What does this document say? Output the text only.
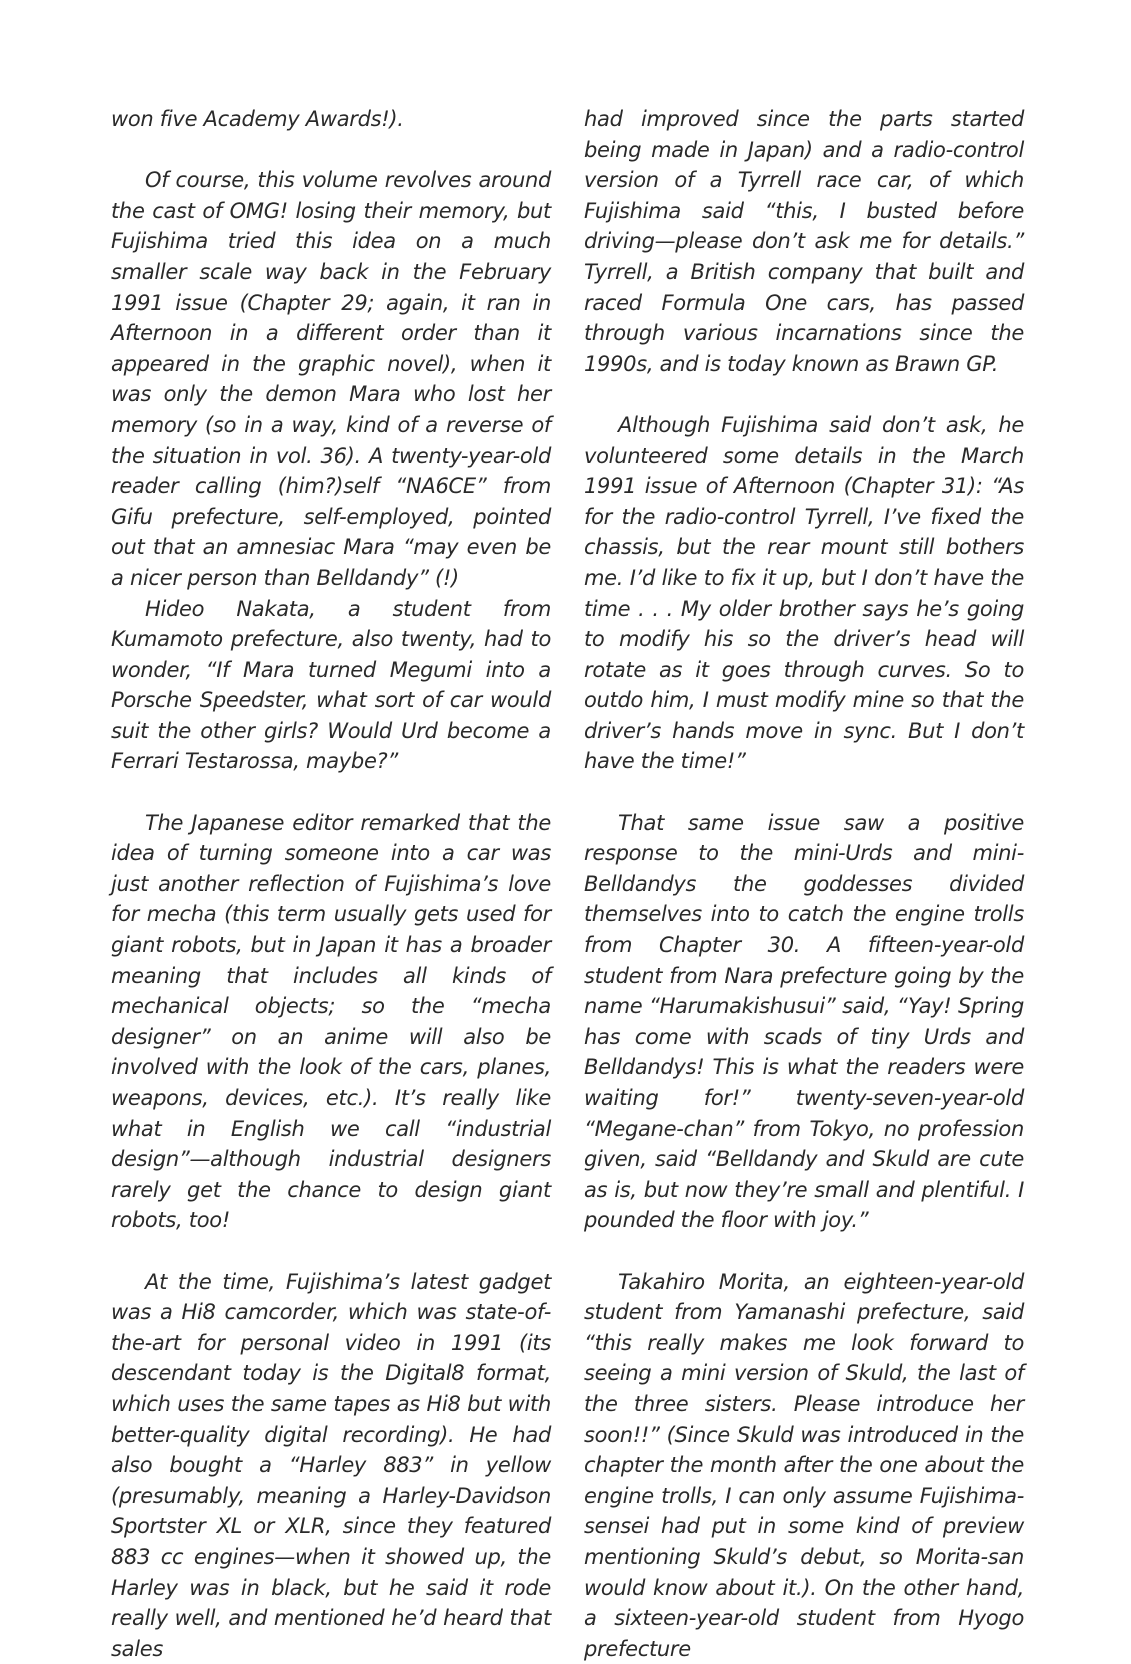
won five Academy Awards!).

Of course, this volume revolves around the cast of OMG! losing their memory, but Fujishima tried this idea on a much smaller scale way back in the February 1991 issue (Chapter 29; again, it ran in Afternoon in a different order than it appeared in the graphic novel), when it was only the demon Mara who lost her memory (so in a way, kind of a reverse of the situation in vol. 36). A twenty-year-old reader calling (him?)self “NA6CE” from Gifu prefecture, self-employed, pointed out that an amnesiac Mara “may even be a nicer person than Belldandy” (!)

Hideo Nakata, a student from Kumamoto prefecture, also twenty, had to wonder, “If Mara turned Megumi into a Porsche Speedster, what sort of car would suit the other girls? Would Urd become a Ferrari Testarossa, maybe?”

The Japanese editor remarked that the idea of turning someone into a car was just another reflection of Fujishima’s love for mecha (this term usually gets used for giant robots, but in Japan it has a broader meaning that includes all kinds of mechanical objects; so the “mecha designer” on an anime will also be involved with the look of the cars, planes, weapons, devices, etc.). It’s really like what in English we call “industrial design”—although industrial designers rarely get the chance to design giant robots, too!

At the time, Fujishima’s latest gadget was a Hi8 camcorder, which was state-of-the-art for personal video in 1991 (its descendant today is the Digital8 format, which uses the same tapes as Hi8 but with better-quality digital recording). He had also bought a “Harley 883” in yellow (presumably, meaning a Harley-Davidson Sportster XL or XLR, since they featured 883 cc engines—when it showed up, the Harley was in black, but he said it rode really well, and mentioned he’d heard that sales

had improved since the parts started being made in Japan) and a radio-control version of a Tyrrell race car, of which Fujishima said “this, I busted before driving—please don’t ask me for details.” Tyrrell, a British company that built and raced Formula One cars, has passed through various incarnations since the 1990s, and is today known as Brawn GP.

Although Fujishima said don’t ask, he volunteered some details in the March 1991 issue of Afternoon (Chapter 31): “As for the radio-control Tyrrell, I’ve fixed the chassis, but the rear mount still bothers me. I’d like to fix it up, but I don’t have the time . . . My older brother says he’s going to modify his so the driver’s head will rotate as it goes through curves. So to outdo him, I must modify mine so that the driver’s hands move in sync. But I don’t have the time!”

That same issue saw a positive response to the mini-Urds and mini-Belldandys the goddesses divided themselves into to catch the engine trolls from Chapter 30. A fifteen-year-old student from Nara prefecture going by the name “Harumakishusui” said, “Yay! Spring has come with scads of tiny Urds and Belldandys! This is what the readers were waiting for!” twenty-seven-year-old “Megane-chan” from Tokyo, no profession given, said “Belldandy and Skuld are cute as is, but now they’re small and plentiful. I pounded the floor with joy.”

Takahiro Morita, an eighteen-year-old student from Yamanashi prefecture, said “this really makes me look forward to seeing a mini version of Skuld, the last of the three sisters. Please introduce her soon!!” (Since Skuld was introduced in the chapter the month after the one about the engine trolls, I can only assume Fujishima-sensei had put in some kind of preview mentioning Skuld’s debut, so Morita-san would know about it.). On the other hand, a sixteen-year-old student from Hyogo prefecture
